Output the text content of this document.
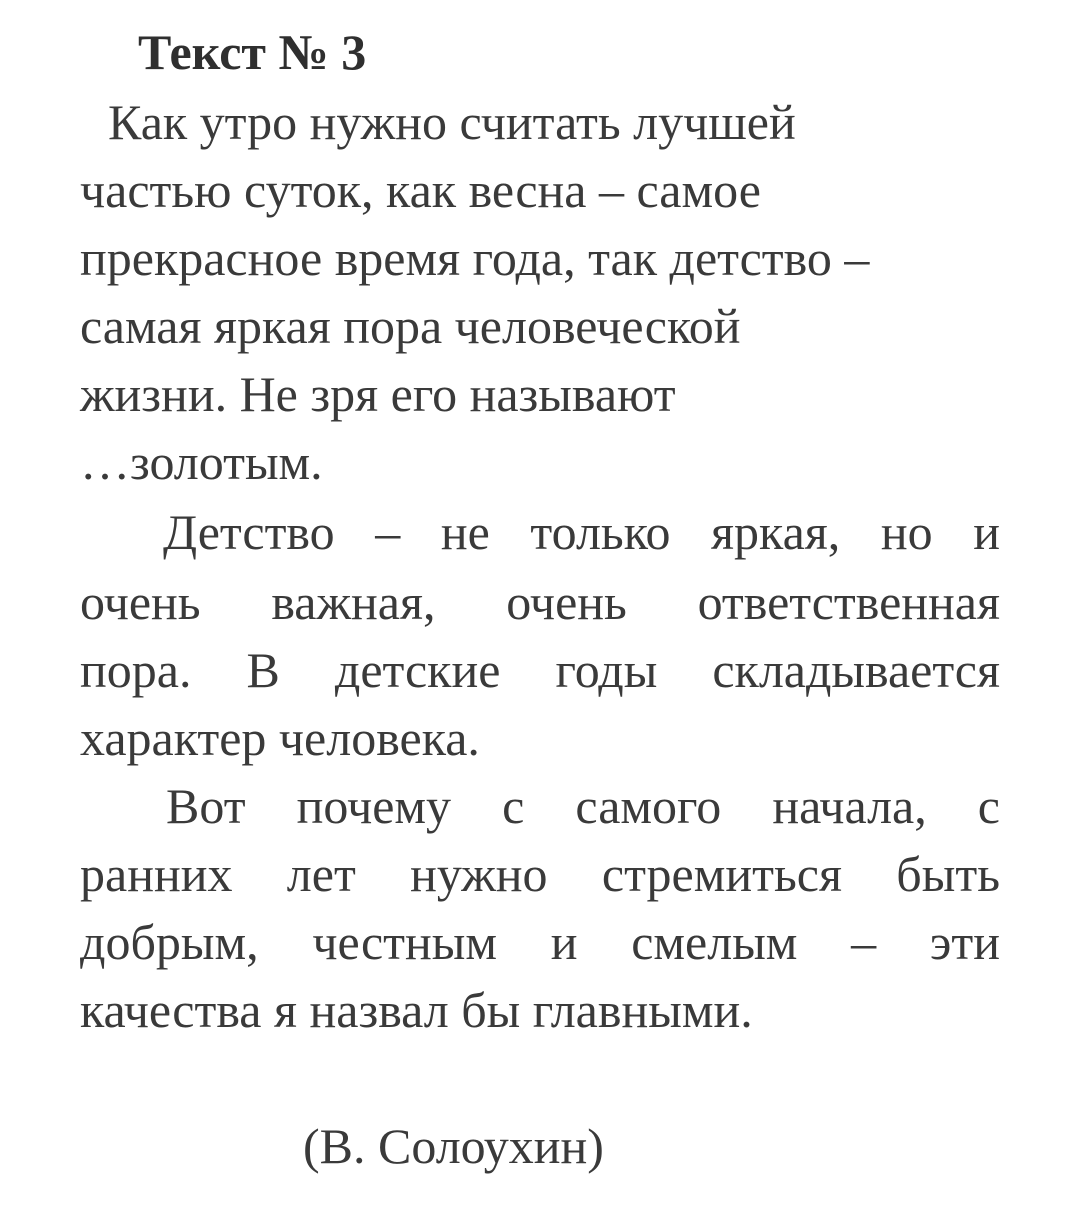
Текст № 3
Как утро нужно считать лучшей
частью суток, как весна – самое
прекрасное время года, так детство –
самая яркая пора человеческой
жизни. Не зря его называют
…золотым.
Детство – не только яркая, но и
очень важная, очень ответственная
пора. В детские годы складывается
характер человека.
Вот почему с самого начала, с
ранних лет нужно стремиться быть
добрым, честным и смелым – эти
качества я назвал бы главными.
(В. Солоухин)
